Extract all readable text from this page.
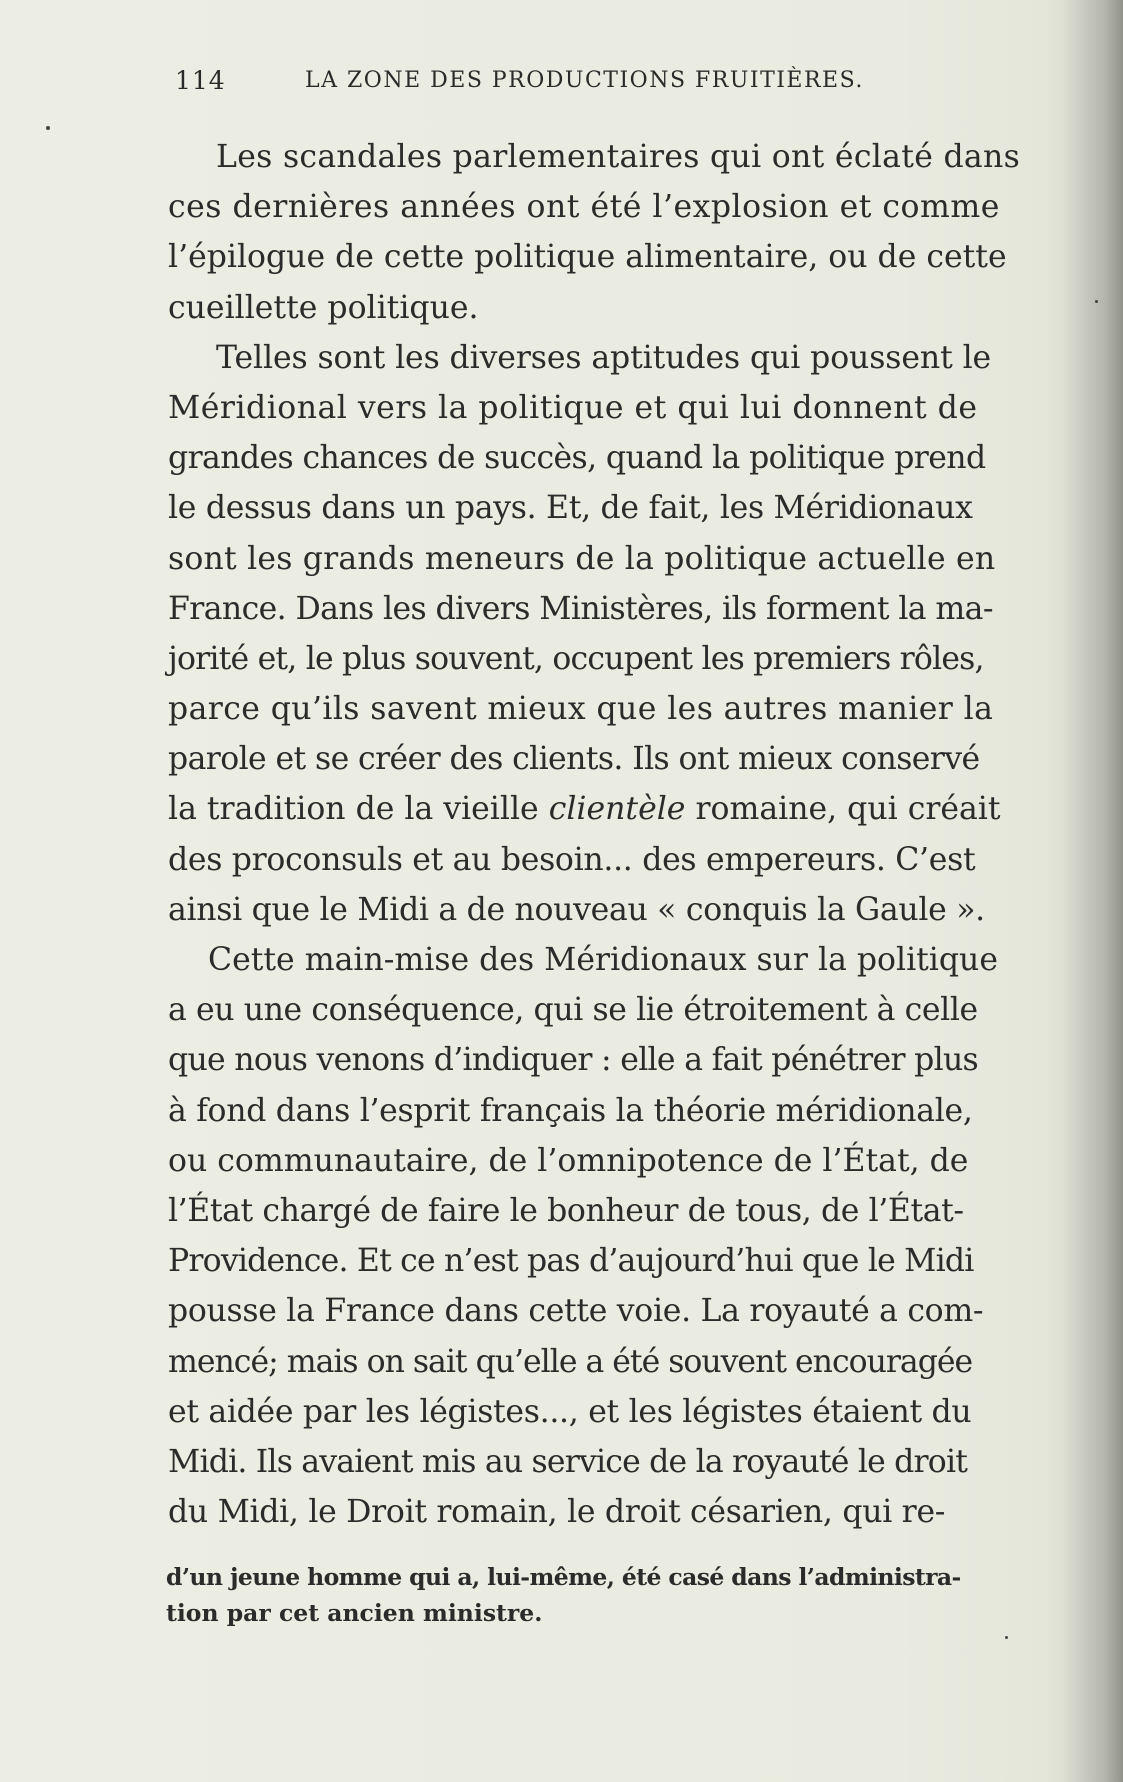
114	LA ZONE DES PRODUCTIONS FRUITIÈRES.
Les scandales parlementaires qui ont éclaté dans
ces dernières années ont été l’explosion et comme
l’épilogue de cette politique alimentaire, ou de cette
cueillette politique.
Telles sont les diverses aptitudes qui poussent le
Méridional vers la politique et qui lui donnent de
grandes chances de succès, quand la politique prend
le dessus dans un pays. Et, de fait, les Méridionaux
sont les grands meneurs de la politique actuelle en
France. Dans les divers Ministères, ils forment la ma-
jorité et, le plus souvent, occupent les premiers rôles,
parce qu’ils savent mieux que les autres manier la
parole et se créer des clients. Ils ont mieux conservé
la tradition de la vieille clientèle romaine, qui créait
des proconsuls et au besoin... des empereurs. C’est
ainsi que le Midi a de nouveau « conquis la Gaule ».
Cette main-mise des Méridionaux sur la politique
a eu une conséquence, qui se lie étroitement à celle
que nous venons d’indiquer : elle a fait pénétrer plus
à fond dans l’esprit français la théorie méridionale,
ou communautaire, de l’omnipotence de l’État, de
l’État chargé de faire le bonheur de tous, de l’État-
Providence. Et ce n’est pas d’aujourd’hui que le Midi
pousse la France dans cette voie. La royauté a com-
mencé; mais on sait qu’elle a été souvent encouragée
et aidée par les légistes..., et les légistes étaient du
Midi. Ils avaient mis au service de la royauté le droit
du Midi, le Droit romain, le droit césarien, qui re-
d’un jeune homme qui a, lui-même, été casé dans l’administra-
tion par cet ancien ministre.
